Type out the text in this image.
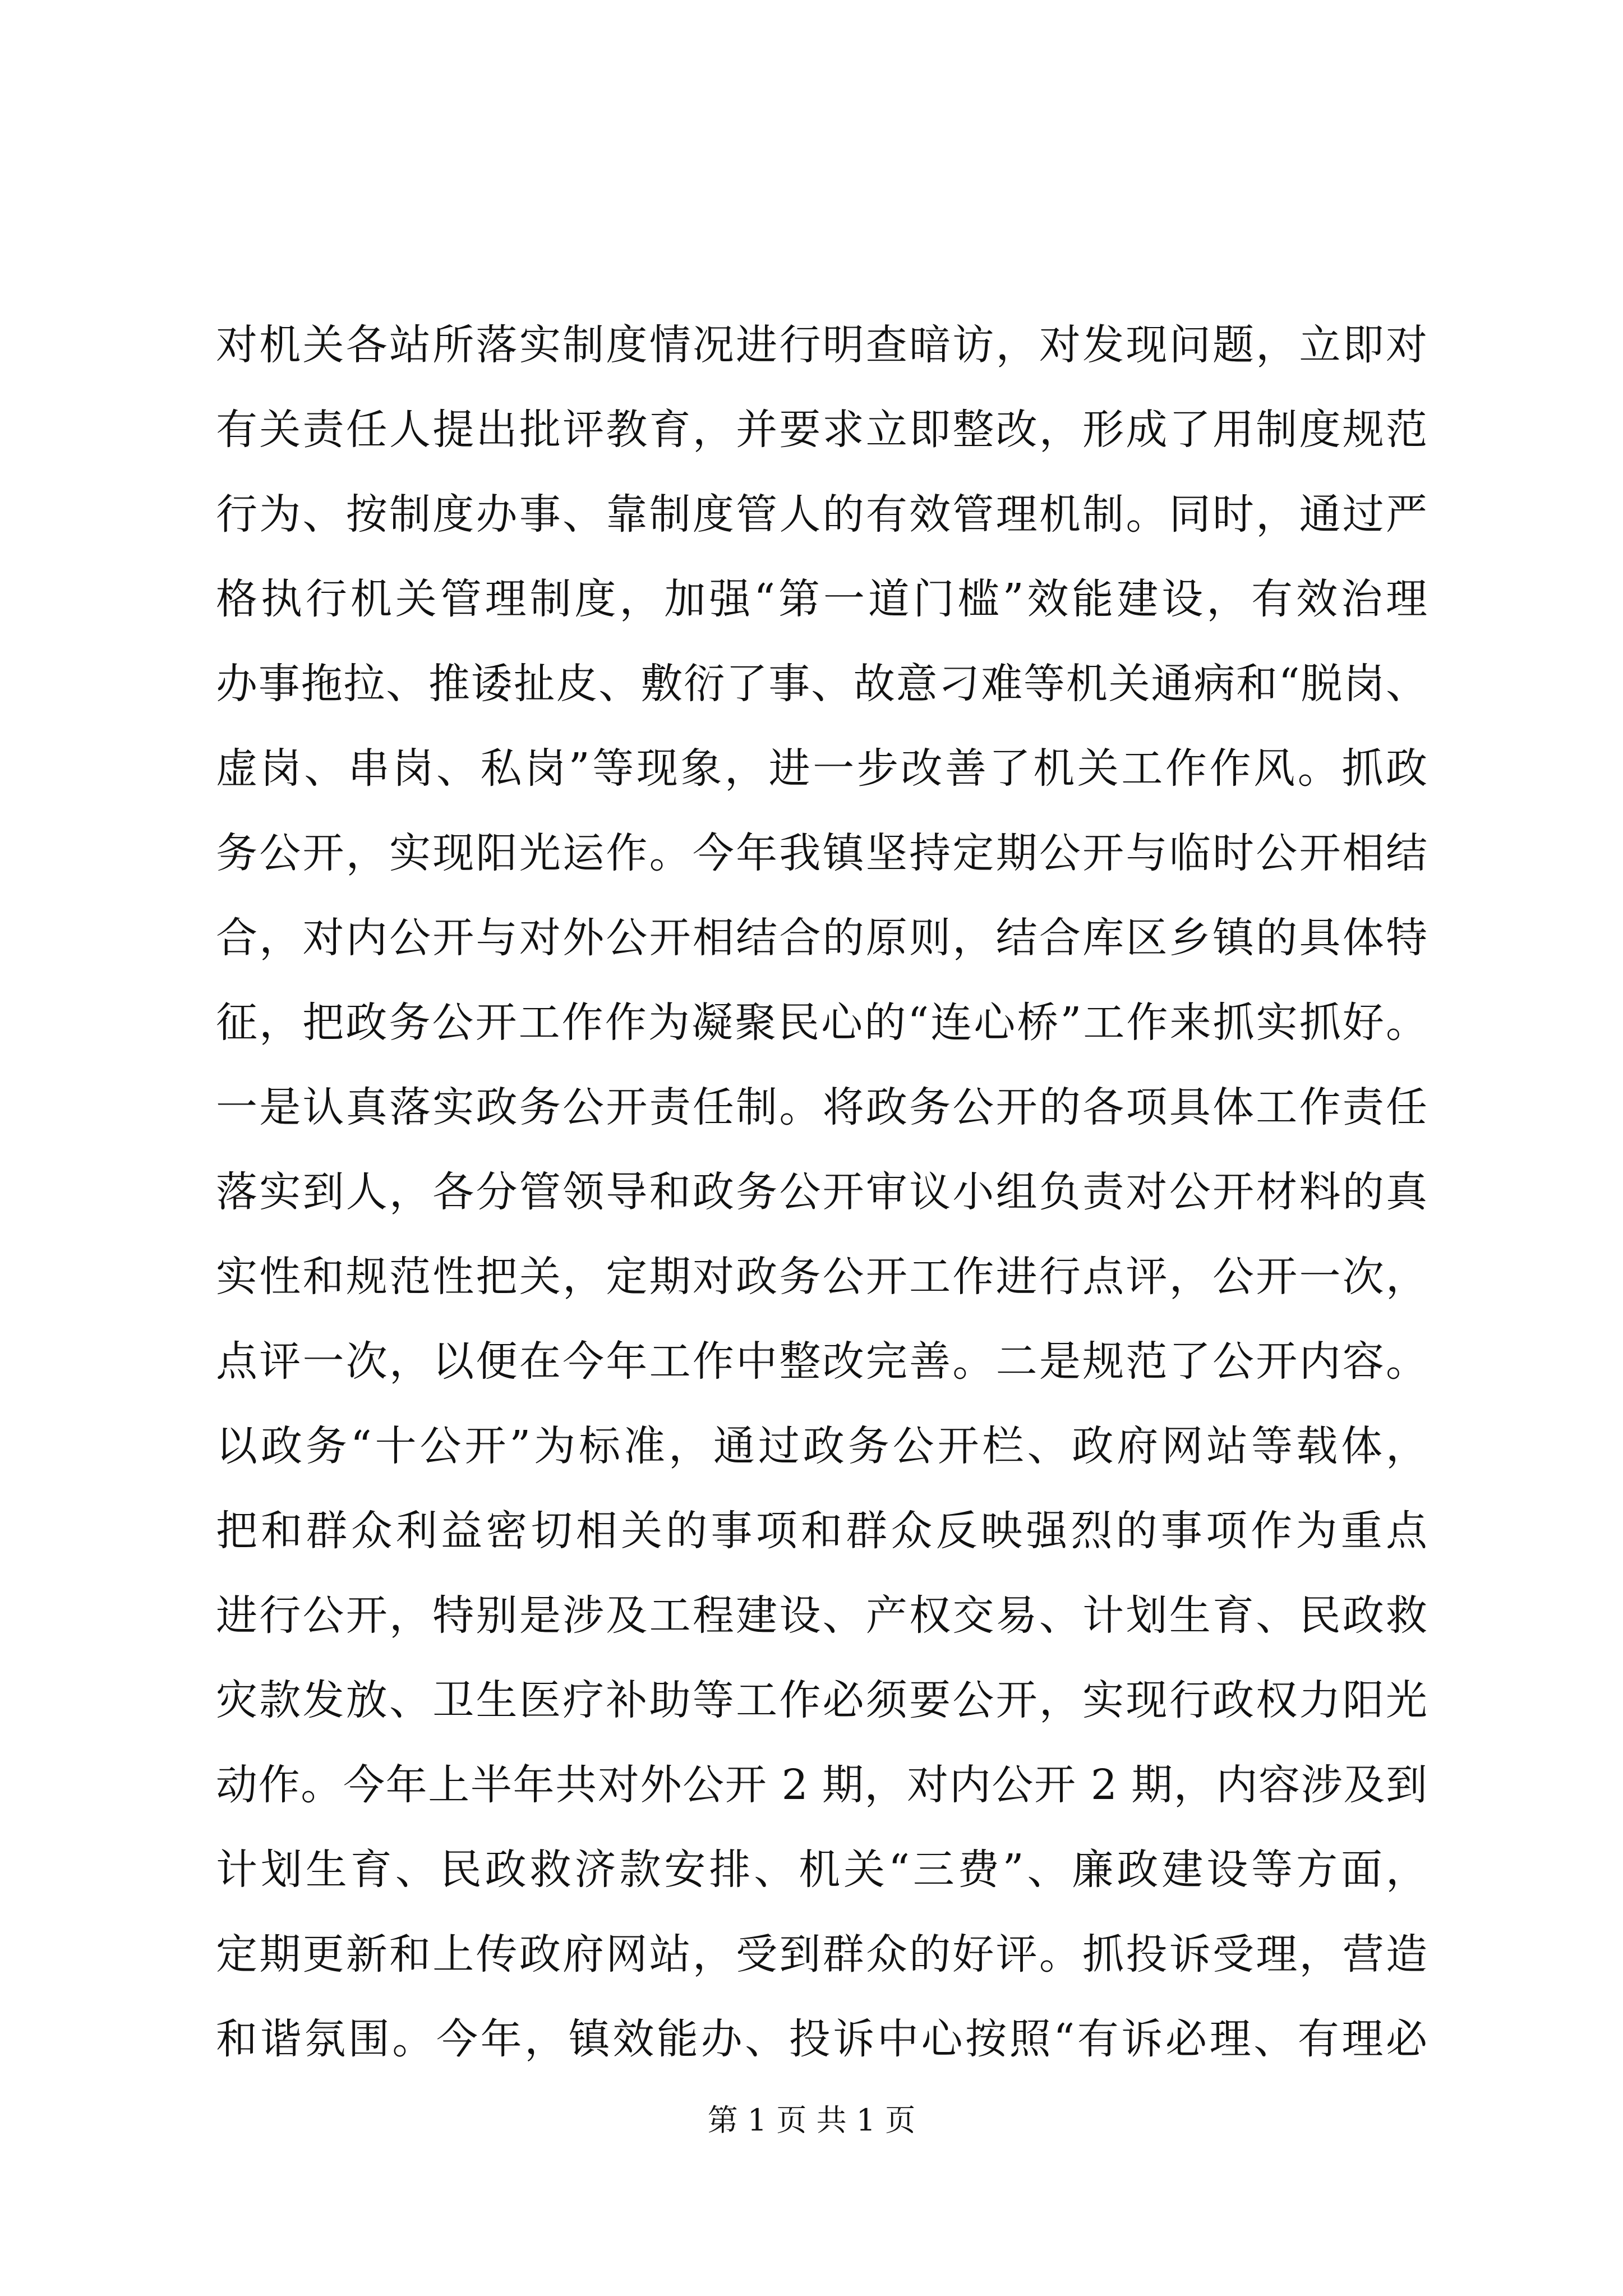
对机关各站所落实制度情况进行明查暗访，对发现问题，立即对
有关责任人提出批评教育，并要求立即整改，形成了用制度规范
行为、按制度办事、靠制度管人的有效管理机制。同时，通过严
格执行机关管理制度，加强“第一道门槛”效能建设，有效治理
办事拖拉、推诿扯皮、敷衍了事、故意刁难等机关通病和“脱岗、
虚岗、串岗、私岗”等现象，进一步改善了机关工作作风。抓政
务公开，实现阳光运作。今年我镇坚持定期公开与临时公开相结
合，对内公开与对外公开相结合的原则，结合库区乡镇的具体特
征，把政务公开工作作为凝聚民心的“连心桥”工作来抓实抓好。
一是认真落实政务公开责任制。将政务公开的各项具体工作责任
落实到人，各分管领导和政务公开审议小组负责对公开材料的真
实性和规范性把关，定期对政务公开工作进行点评，公开一次，
点评一次，以便在今年工作中整改完善。二是规范了公开内容。
以政务“十公开”为标准，通过政务公开栏、政府网站等载体，
把和群众利益密切相关的事项和群众反映强烈的事项作为重点
进行公开，特别是涉及工程建设、产权交易、计划生育、民政救
灾款发放、卫生医疗补助等工作必须要公开，实现行政权力阳光
动作。今年上半年共对外公开 2 期，对内公开 2 期，内容涉及到
计划生育、民政救济款安排、机关“三费”、廉政建设等方面，
定期更新和上传政府网站，受到群众的好评。抓投诉受理，营造
和谐氛围。今年，镇效能办、投诉中心按照“有诉必理、有理必
第 1 页 共 1 页
